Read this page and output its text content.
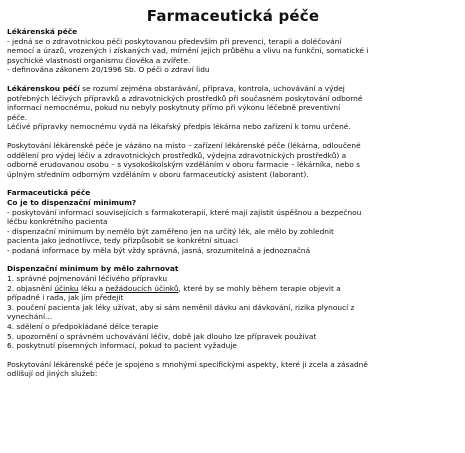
Farmaceutická péče
Lékárenská péče
- jedná se o zdravotnickou péči poskytovanou především při prevenci, terapii a doléčování
nemocí a úrazů, vrozených i získaných vad, mírnění jejich průběhu a vlivu na funkční, somatické i
psychické vlastnosti organismu člověka a zvířete.
- definována zákonem 20/1996 Sb. O péči o zdraví lidu
Lékárenskou péčí se rozumí zejména obstarávání, příprava, kontrola, uchovávání a výdej
potřebných léčivých přípravků a zdravotnických prostředků při současném poskytování odborné
informací nemocnému, pokud nu nebyly poskytnuty přímo při výkonu léčebně preventivní
péče.
Léčivé přípravky nemocnému vydá na lékařský předpis lékárna nebo zařízení k tomu určené.
Poskytování lékárenské péče je vázáno na místo – zařízení lékárenské péče (lékárna, odloučené
oddělení pro výdej léčiv a zdravotnických prostředků, výdejna zdravotnických prostředků) a
odborně erudovanou osobu – s vysokoškolským vzděláním v oboru farmacie – lékárníka, nebo s
úplným středním odborným vzděláním v oboru farmaceutický asistent (laborant).
Farmaceutická péče
Co je to dispenzační minimum?
- poskytování informací souvisejících s farmakoterapií, které mají zajistit úspěšnou a bezpečnou
léčbu konkrétního pacienta
- dispenzační minimum by nemělo být zaměřeno jen na určitý lék, ale mělo by zohlednit
pacienta jako jednotlivce, tedy přizpůsobit se konkrétní situaci
- podaná informace by měla být vždy správná, jasná, srozumitelná a jednoznačná
Dispenzační minimum by mělo zahrnovat
1. správné pojmenování léčivého přípravku
2. objasnění účinku léku a nežádoucích účinků, které by se mohly během terapie objevit a
případně i rada, jak jim předejít
3. poučení pacienta jak léky užívat, aby si sám neměnil dávku ani dávkování, rizika plynoucí z
vynechání...
4. sdělení o předpokládané délce terapie
5. upozornění o správném uchovávání léčiv, době jak dlouho lze přípravek používat
6. poskytnutí písemných informací, pokud to pacient vyžaduje
Poskytování lékárenské péče je spojeno s mnohými specifickými aspekty, které ji zcela a zásadně
odlišují od jiných služeb:
